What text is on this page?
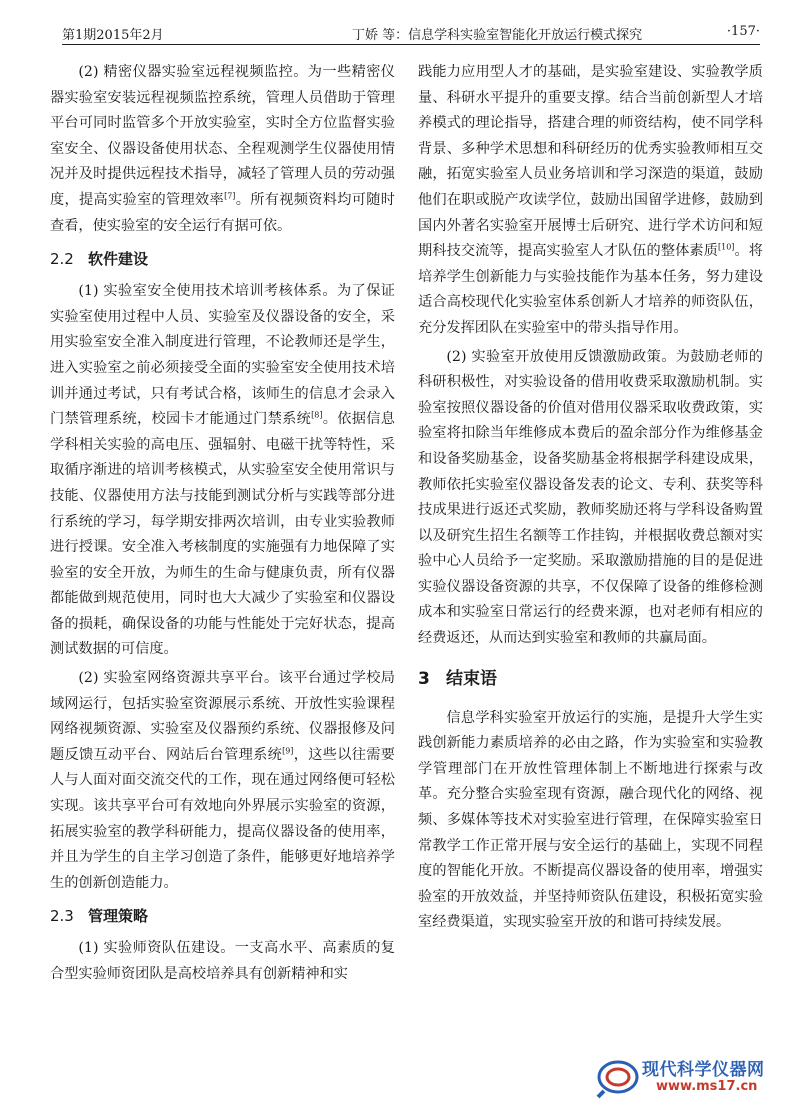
第1期2015年2月	丁娇 等：信息学科实验室智能化开放运行模式探究	·157·

(2) 精密仪器实验室远程视频监控。为一些精密仪器实验室安装远程视频监控系统，管理人员借助于管理平台可同时监管多个开放实验室，实时全方位监督实验室安全、仪器设备使用状态、全程观测学生仪器使用情况并及时提供远程技术指导，减轻了管理人员的劳动强度，提高实验室的管理效率[7]。所有视频资料均可随时查看，使实验室的安全运行有据可依。

2.2 软件建设

(1) 实验室安全使用技术培训考核体系。为了保证实验室使用过程中人员、实验室及仪器设备的安全，采用实验室安全准入制度进行管理，不论教师还是学生，进入实验室之前必须接受全面的实验室安全使用技术培训并通过考试，只有考试合格，该师生的信息才会录入门禁管理系统，校园卡才能通过门禁系统[8]。依据信息学科相关实验的高电压、强辐射、电磁干扰等特性，采取循序渐进的培训考核模式，从实验室安全使用常识与技能、仪器使用方法与技能到测试分析与实践等部分进行系统的学习，每学期安排两次培训，由专业实验教师进行授课。安全准入考核制度的实施强有力地保障了实验室的安全开放，为师生的生命与健康负责，所有仪器都能做到规范使用，同时也大大减少了实验室和仪器设备的损耗，确保设备的功能与性能处于完好状态，提高测试数据的可信度。

(2) 实验室网络资源共享平台。该平台通过学校局域网运行，包括实验室资源展示系统、开放性实验课程网络视频资源、实验室及仪器预约系统、仪器报修及问题反馈互动平台、网站后台管理系统[9]，这些以往需要人与人面对面交流交代的工作，现在通过网络便可轻松实现。该共享平台可有效地向外界展示实验室的资源，拓展实验室的教学科研能力，提高仪器设备的使用率，并且为学生的自主学习创造了条件，能够更好地培养学生的创新创造能力。

2.3 管理策略

(1) 实验师资队伍建设。一支高水平、高素质的复合型实验师资团队是高校培养具有创新精神和实

践能力应用型人才的基础，是实验室建设、实验教学质量、科研水平提升的重要支撑。结合当前创新型人才培养模式的理论指导，搭建合理的师资结构，使不同学科背景、多种学术思想和科研经历的优秀实验教师相互交融，拓宽实验室人员业务培训和学习深造的渠道，鼓励他们在职或脱产攻读学位，鼓励出国留学进修，鼓励到国内外著名实验室开展博士后研究、进行学术访问和短期科技交流等，提高实验室人才队伍的整体素质[10]。将培养学生创新能力与实验技能作为基本任务，努力建设适合高校现代化实验室体系创新人才培养的师资队伍，充分发挥团队在实验室中的带头指导作用。

(2) 实验室开放使用反馈激励政策。为鼓励老师的科研积极性，对实验设备的借用收费采取激励机制。实验室按照仪器设备的价值对借用仪器采取收费政策，实验室将扣除当年维修成本费后的盈余部分作为维修基金和设备奖励基金，设备奖励基金将根据学科建设成果，教师依托实验室仪器设备发表的论文、专利、获奖等科技成果进行返还式奖励，教师奖励还将与学科设备购置以及研究生招生名额等工作挂钩，并根据收费总额对实验中心人员给予一定奖励。采取激励措施的目的是促进实验仪器设备资源的共享，不仅保障了设备的维修检测成本和实验室日常运行的经费来源，也对老师有相应的经费返还，从而达到实验室和教师的共赢局面。

3 结束语

信息学科实验室开放运行的实施，是提升大学生实践创新能力素质培养的必由之路，作为实验室和实验教学管理部门在开放性管理体制上不断地进行探索与改革。充分整合实验室现有资源，融合现代化的网络、视频、多媒体等技术对实验室进行管理，在保障实验室日常教学工作正常开展与安全运行的基础上，实现不同程度的智能化开放。不断提高仪器设备的使用率，增强实验室的开放效益，并坚持师资队伍建设，积极拓宽实验室经费渠道，实现实验室开放的和谐可持续发展。

现代科学仪器网
www.ms17.cn
